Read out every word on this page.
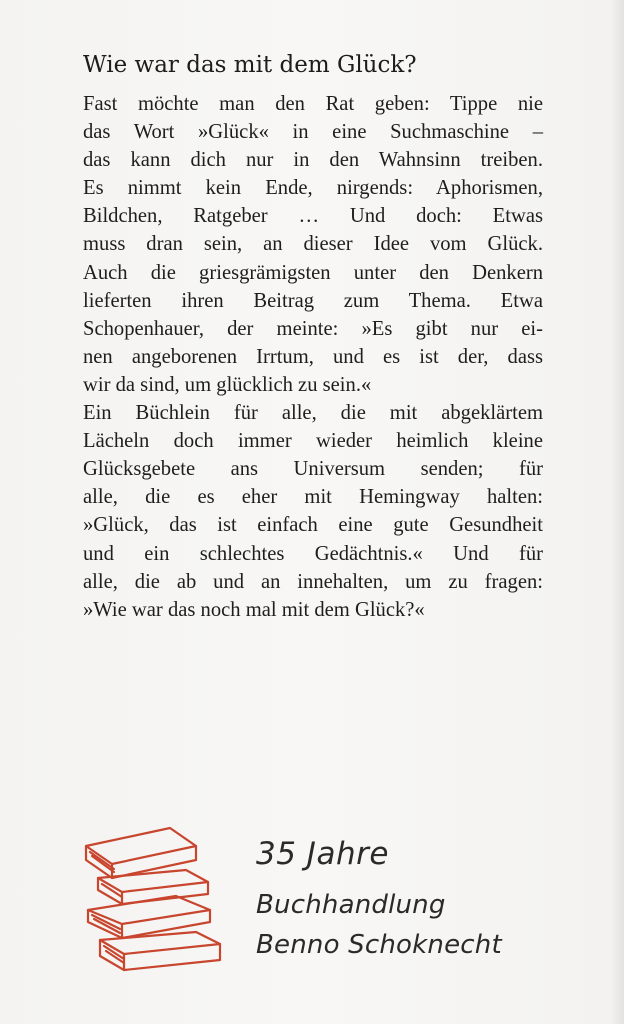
Wie war das mit dem Glück?
Fast möchte man den Rat geben: Tippe nie
das Wort »Glück« in eine Suchmaschine –
das kann dich nur in den Wahnsinn treiben.
Es nimmt kein Ende, nirgends: Aphorismen,
Bildchen, Ratgeber … Und doch: Etwas
muss dran sein, an dieser Idee vom Glück.
Auch die griesgrämigsten unter den Denkern
lieferten ihren Beitrag zum Thema. Etwa
Schopenhauer, der meinte: »Es gibt nur ei-
nen angeborenen Irrtum, und es ist der, dass
wir da sind, um glücklich zu sein.«
Ein Büchlein für alle, die mit abgeklärtem
Lächeln doch immer wieder heimlich kleine
Glücksgebete ans Universum senden; für
alle, die es eher mit Hemingway halten:
»Glück, das ist einfach eine gute Gesundheit
und ein schlechtes Gedächtnis.« Und für
alle, die ab und an innehalten, um zu fragen:
»Wie war das noch mal mit dem Glück?«
35 Jahre
Buchhandlung
Benno Schoknecht
